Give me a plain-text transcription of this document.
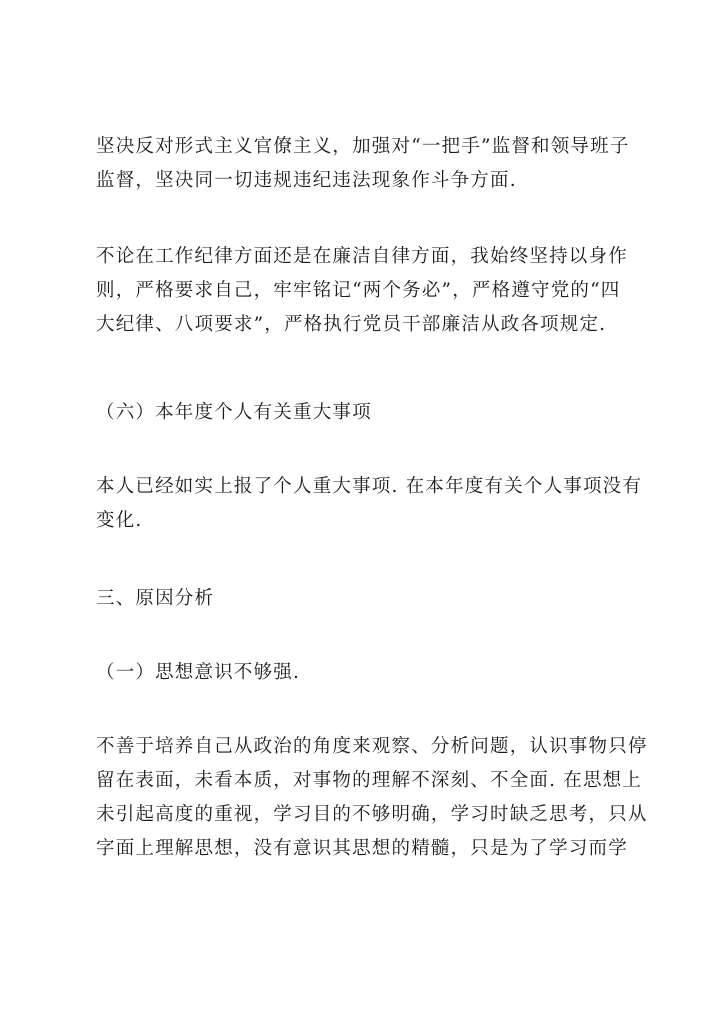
坚决反对形式主义官僚主义，加强对“一把手”监督和领导班子
监督，坚决同一切违规违纪违法现象作斗争方面.

不论在工作纪律方面还是在廉洁自律方面，我始终坚持以身作
则，严格要求自己，牢牢铭记“两个务必”，严格遵守党的“四
大纪律、八项要求”，严格执行党员干部廉洁从政各项规定.

（六）本年度个人有关重大事项

本人已经如实上报了个人重大事项. 在本年度有关个人事项没有
变化.

三、原因分析

（一）思想意识不够强.

不善于培养自己从政治的角度来观察、分析问题，认识事物只停
留在表面，未看本质，对事物的理解不深刻、不全面. 在思想上
未引起高度的重视，学习目的不够明确，学习时缺乏思考，只从
字面上理解思想，没有意识其思想的精髓，只是为了学习而学
